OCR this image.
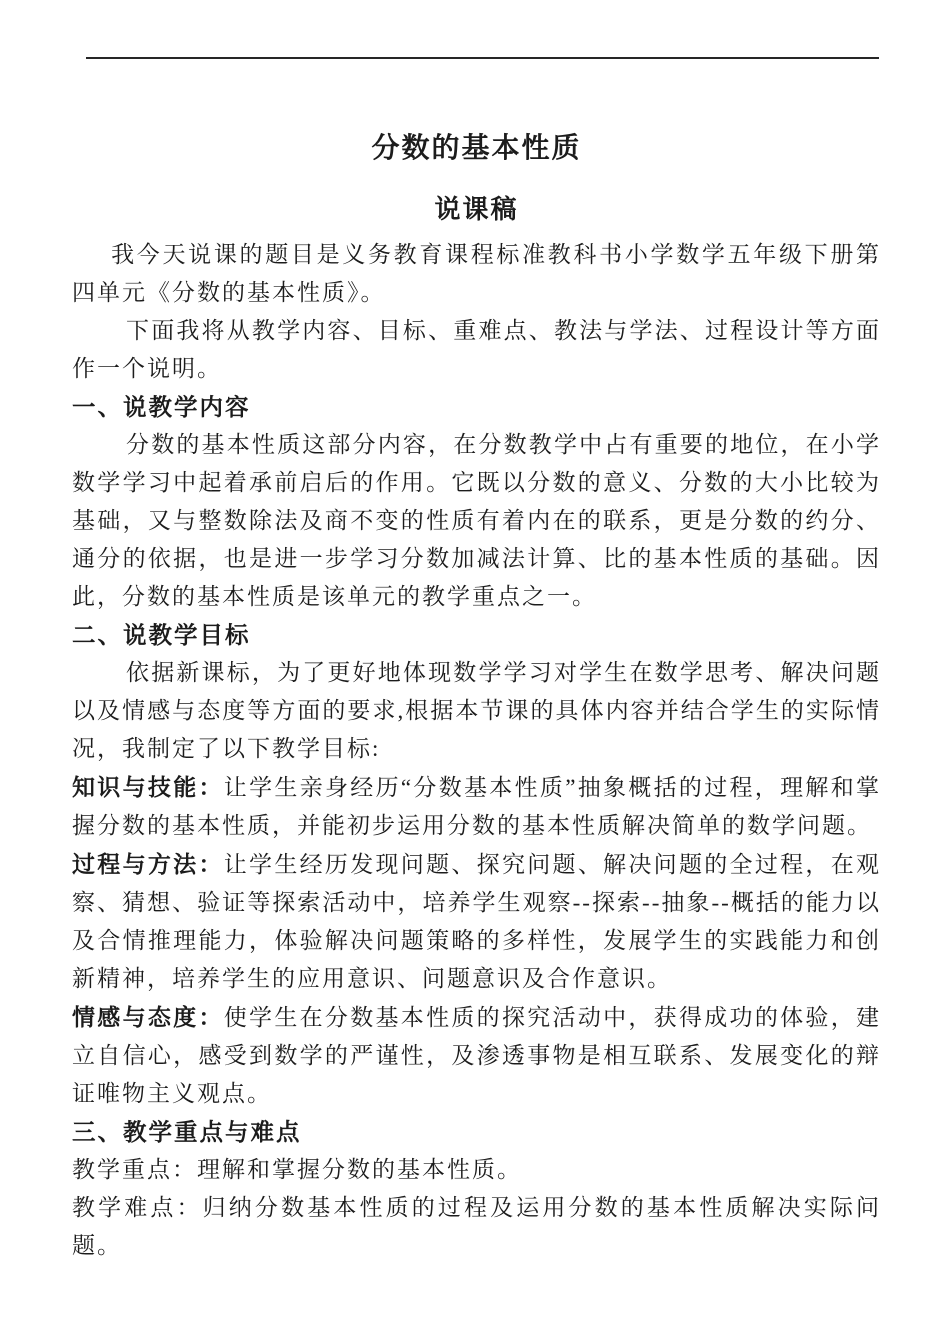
分数的基本性质
说课稿

我今天说课的题目是义务教育课程标准教科书小学数学五年级下册第四单元《分数的基本性质》。

下面我将从教学内容、目标、重难点、教法与学法、过程设计等方面作一个说明。

一、说教学内容

分数的基本性质这部分内容，在分数教学中占有重要的地位，在小学数学学习中起着承前启后的作用。它既以分数的意义、分数的大小比较为基础，又与整数除法及商不变的性质有着内在的联系，更是分数的约分、通分的依据，也是进一步学习分数加减法计算、比的基本性质的基础。因此，分数的基本性质是该单元的教学重点之一。

二、说教学目标

依据新课标，为了更好地体现数学学习对学生在数学思考、解决问题以及情感与态度等方面的要求,根据本节课的具体内容并结合学生的实际情况，我制定了以下教学目标:

知识与技能：让学生亲身经历“分数基本性质”抽象概括的过程，理解和掌握分数的基本性质，并能初步运用分数的基本性质解决简单的数学问题。

过程与方法：让学生经历发现问题、探究问题、解决问题的全过程，在观察、猜想、验证等探索活动中，培养学生观察--探索--抽象--概括的能力以及合情推理能力，体验解决问题策略的多样性，发展学生的实践能力和创新精神，培养学生的应用意识、问题意识及合作意识。

情感与态度：使学生在分数基本性质的探究活动中，获得成功的体验，建立自信心，感受到数学的严谨性，及渗透事物是相互联系、发展变化的辩证唯物主义观点。

三、教学重点与难点

教学重点：理解和掌握分数的基本性质。

教学难点：归纳分数基本性质的过程及运用分数的基本性质解决实际问题。
